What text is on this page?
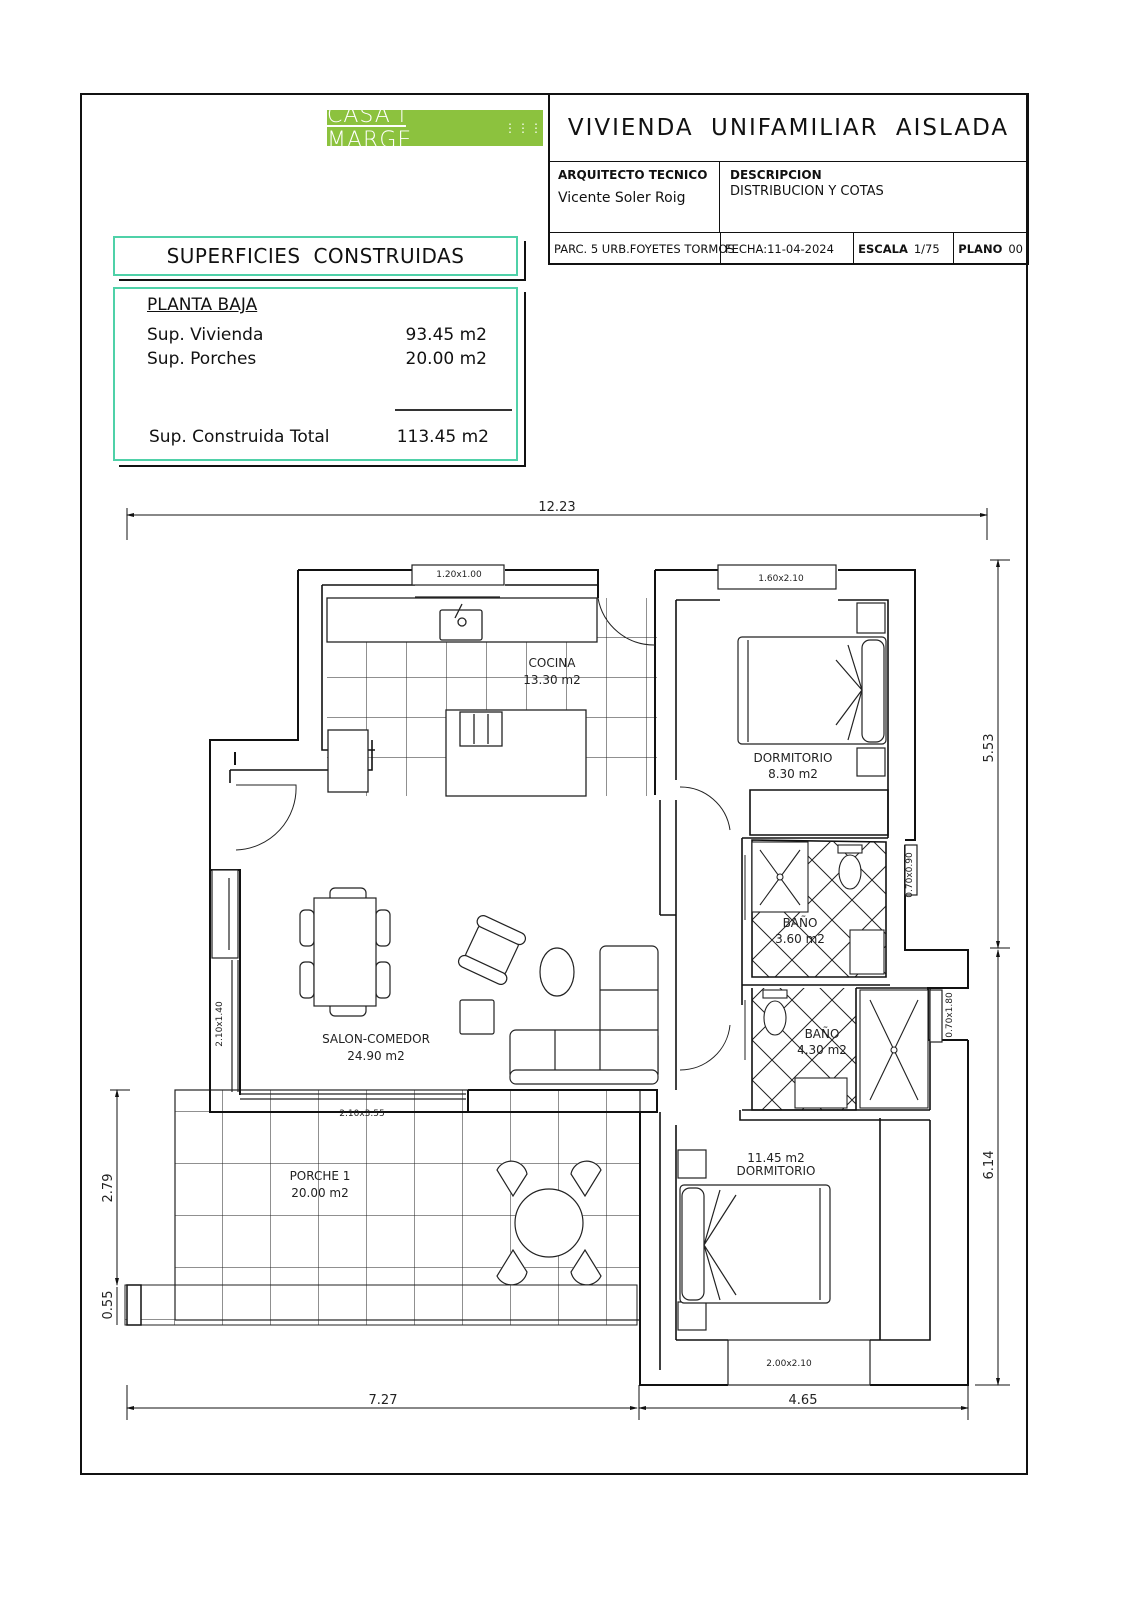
CASA i MARGE
⋮⋮⋮	VIVIENDA UNIFAMILIAR AISLADA
ARQUITECTO TECNICO
Vicente Soler Roig
DESCRIPCION
DISTRIBUCION Y COTAS
PARC. 5 URB.FOYETES TORMOS
FECHA:11-04-2024	ESCALA 1/75 PLANO 00
SUPERFICIES CONSTRUIDAS
PLANTA BAJA
Sup. Vivienda	93.45 m2
Sup. Porches	20.00 m2
Sup. Construida Total	113.45 m2
COCINA
13.30 m2
DORMITORIO
8.30 m2
BAÑO
3.60 m2
BAÑO
4.30 m2
SALON-COMEDOR
24.90 m2
PORCHE 1
20.00 m2
11.45 m2
DORMITORIO
1.20x1.00	1.60x2.10
2.10x3.55
2.00x2.10
2.10x1.40
0.70x0.90
0.70x1.80
12.23
5.53
6.14
2.79
0.55
7.27	4.65
